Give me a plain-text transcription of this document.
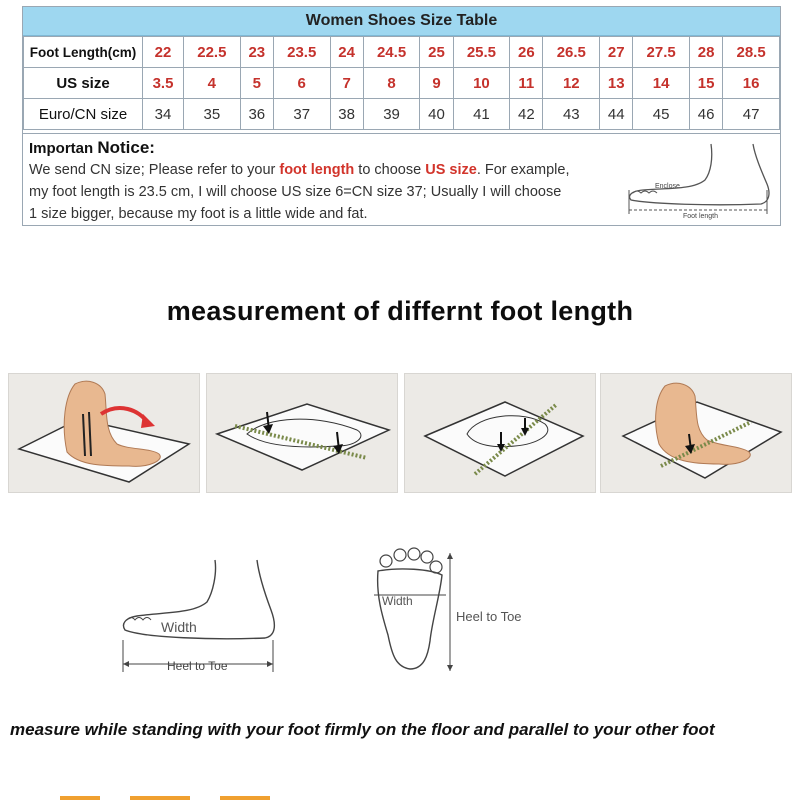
Women Shoes Size Table
Foot Length(cm)	22	22.5	23	23.5	24	24.5	25	25.5	26	26.5	27	27.5	28	28.5
US size	3.5	4	5	6	7	8	9	10	11	12	13	14	15	16
Euro/CN size	34	35	36	37	38	39	40	41	42	43	44	45	46	47
Importan Notice:
We send CN size; Please refer to your foot length to choose US size. For example,
my foot length is 23.5 cm, I will choose US size 6=CN size 37; Usually I will choose
1 size bigger, because my foot is a little wide and fat.
Enclose
Foot length
measurement of differnt foot length
Width
Heel to Toe
Width
Heel to Toe
measure while standing with your foot firmly on the floor and parallel to your other foot
